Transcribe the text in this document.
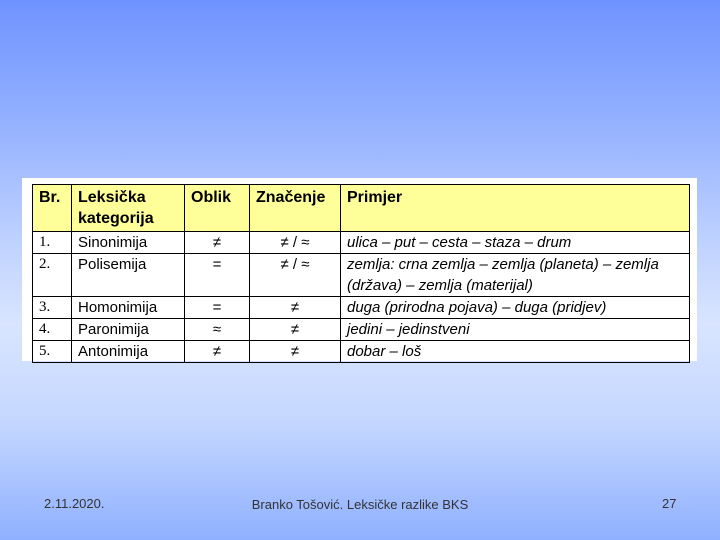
Br.	Leksička kategorija	Oblik	Značenje	Primjer
1.	Sinonimija	≠	≠ / ≈	ulica – put – cesta – staza – drum
2.	Polisemija	=	≠ / ≈	zemlja: crna zemlja – zemlja (planeta) – zemlja (država) – zemlja (materijal)
3.	Homonimija	=	≠	duga (prirodna pojava) – duga (pridjev)
4.	Paronimija	≈	≠	jedini – jedinstveni
5.	Antonimija	≠	≠	dobar – loš
2.11.2020.	Branko Tošović. Leksičke razlike BKS	27
